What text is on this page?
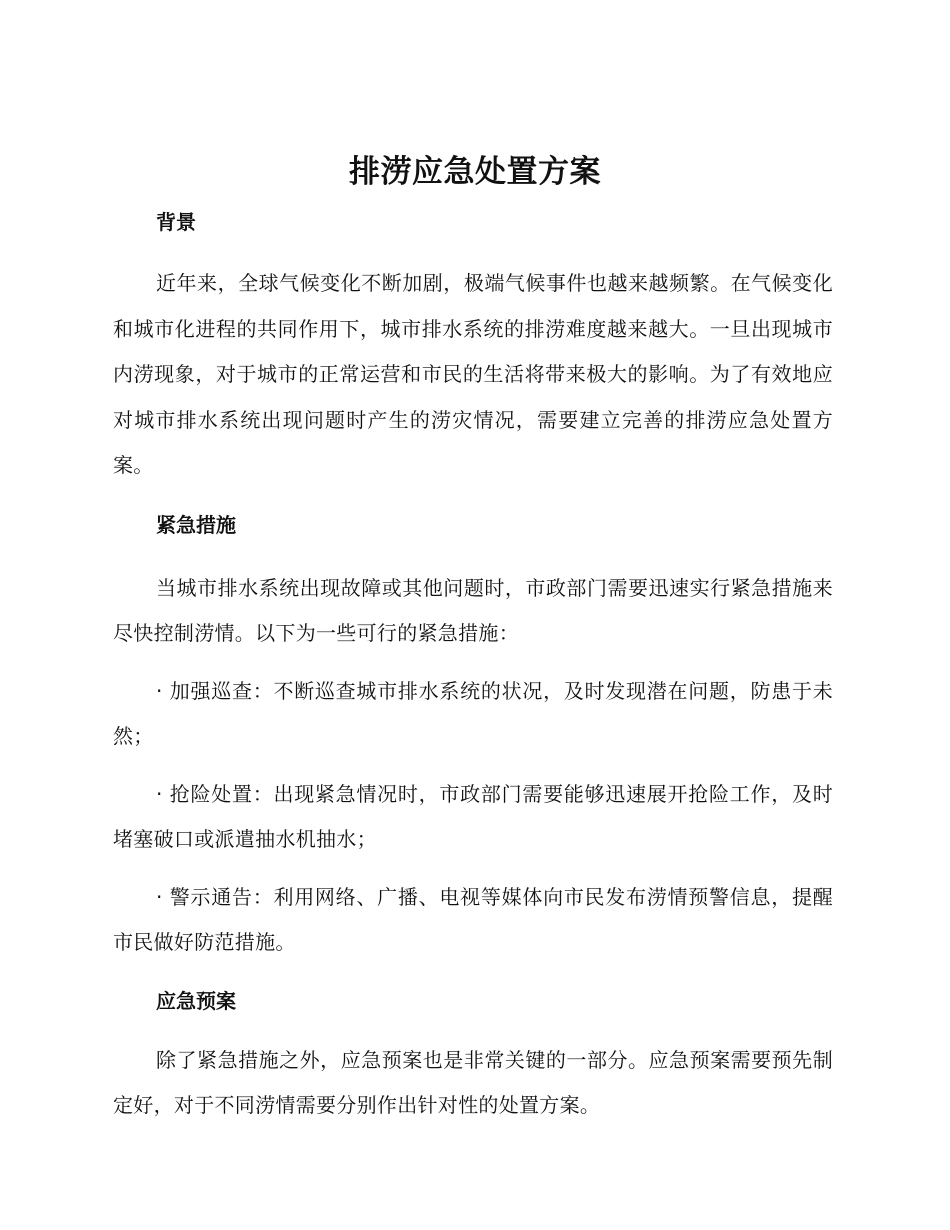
排涝应急处置方案

背景

近年来，全球气候变化不断加剧，极端气候事件也越来越频繁。在气候变化和城市化进程的共同作用下，城市排水系统的排涝难度越来越大。一旦出现城市内涝现象，对于城市的正常运营和市民的生活将带来极大的影响。为了有效地应对城市排水系统出现问题时产生的涝灾情况，需要建立完善的排涝应急处置方案。

紧急措施

当城市排水系统出现故障或其他问题时，市政部门需要迅速实行紧急措施来尽快控制涝情。以下为一些可行的紧急措施：

· 加强巡查：不断巡查城市排水系统的状况，及时发现潜在问题，防患于未然；

· 抢险处置：出现紧急情况时，市政部门需要能够迅速展开抢险工作，及时堵塞破口或派遣抽水机抽水；

· 警示通告：利用网络、广播、电视等媒体向市民发布涝情预警信息，提醒市民做好防范措施。

应急预案

除了紧急措施之外，应急预案也是非常关键的一部分。应急预案需要预先制定好，对于不同涝情需要分别作出针对性的处置方案。
